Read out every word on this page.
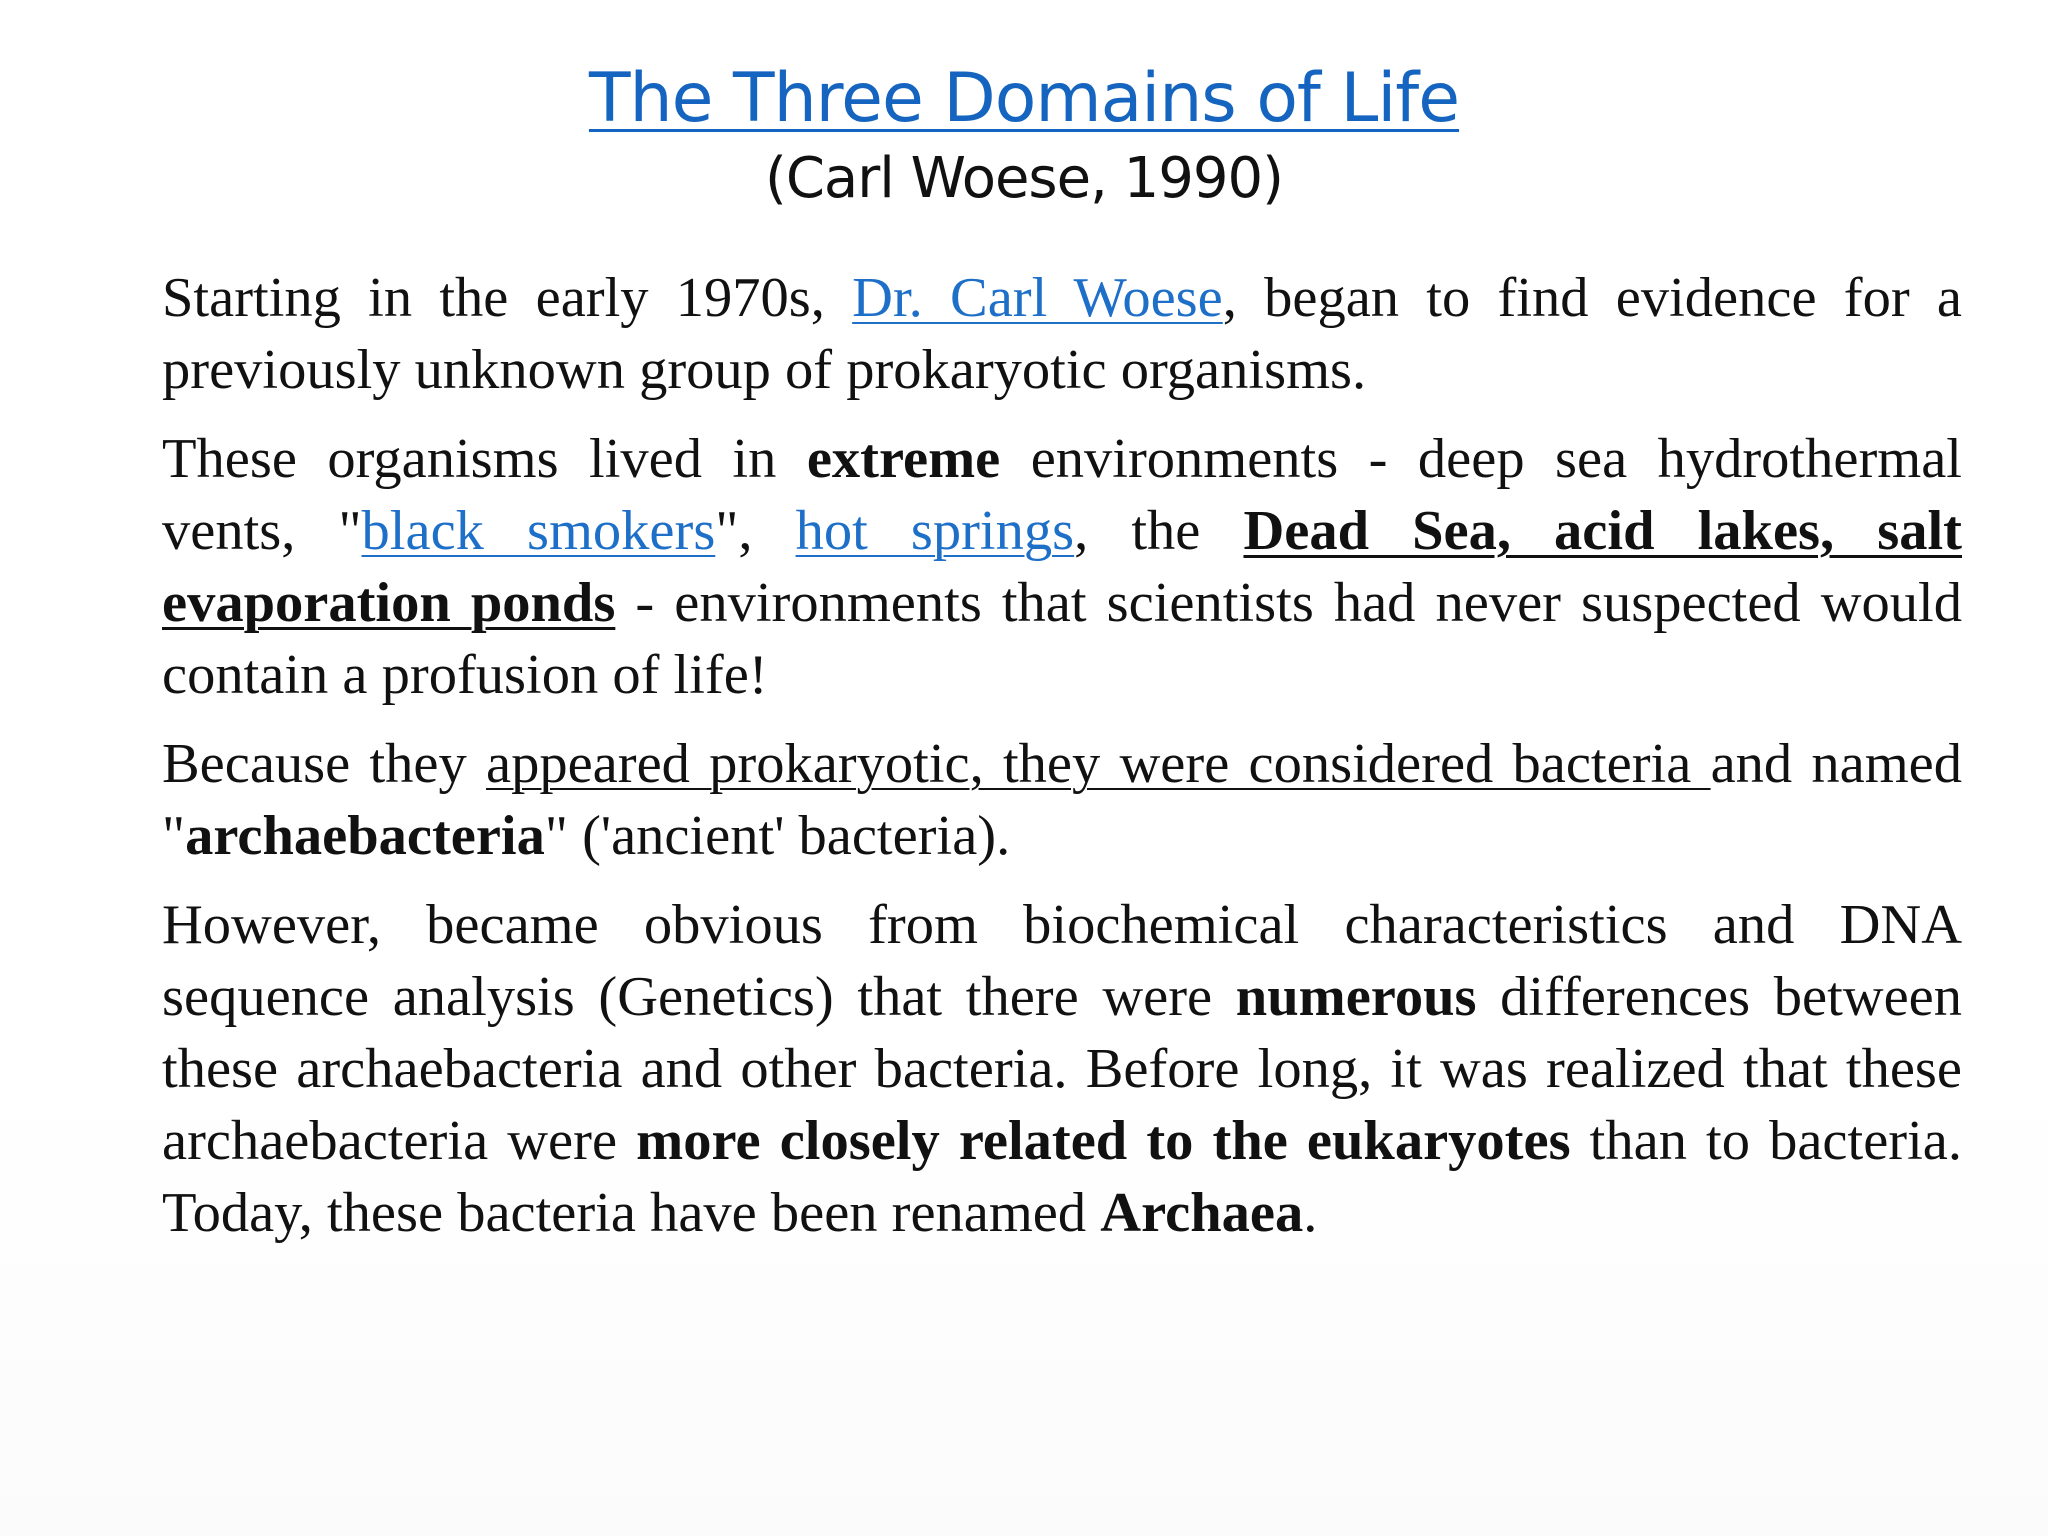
The Three Domains of Life
(Carl Woese, 1990)

Starting in the early 1970s, Dr. Carl Woese, began to find evidence for a previously unknown group of prokaryotic organisms.

These organisms lived in extreme environments - deep sea hydrothermal vents, "black smokers", hot springs, the Dead Sea, acid lakes, salt evaporation ponds - environments that scientists had never suspected would contain a profusion of life!

Because they appeared prokaryotic, they were considered bacteria and named "archaebacteria" ('ancient' bacteria).

However, became obvious from biochemical characteristics and DNA sequence analysis (Genetics) that there were numerous differences between these archaebacteria and other bacteria. Before long, it was realized that these archaebacteria were more closely related to the eukaryotes than to bacteria. Today, these bacteria have been renamed Archaea.
